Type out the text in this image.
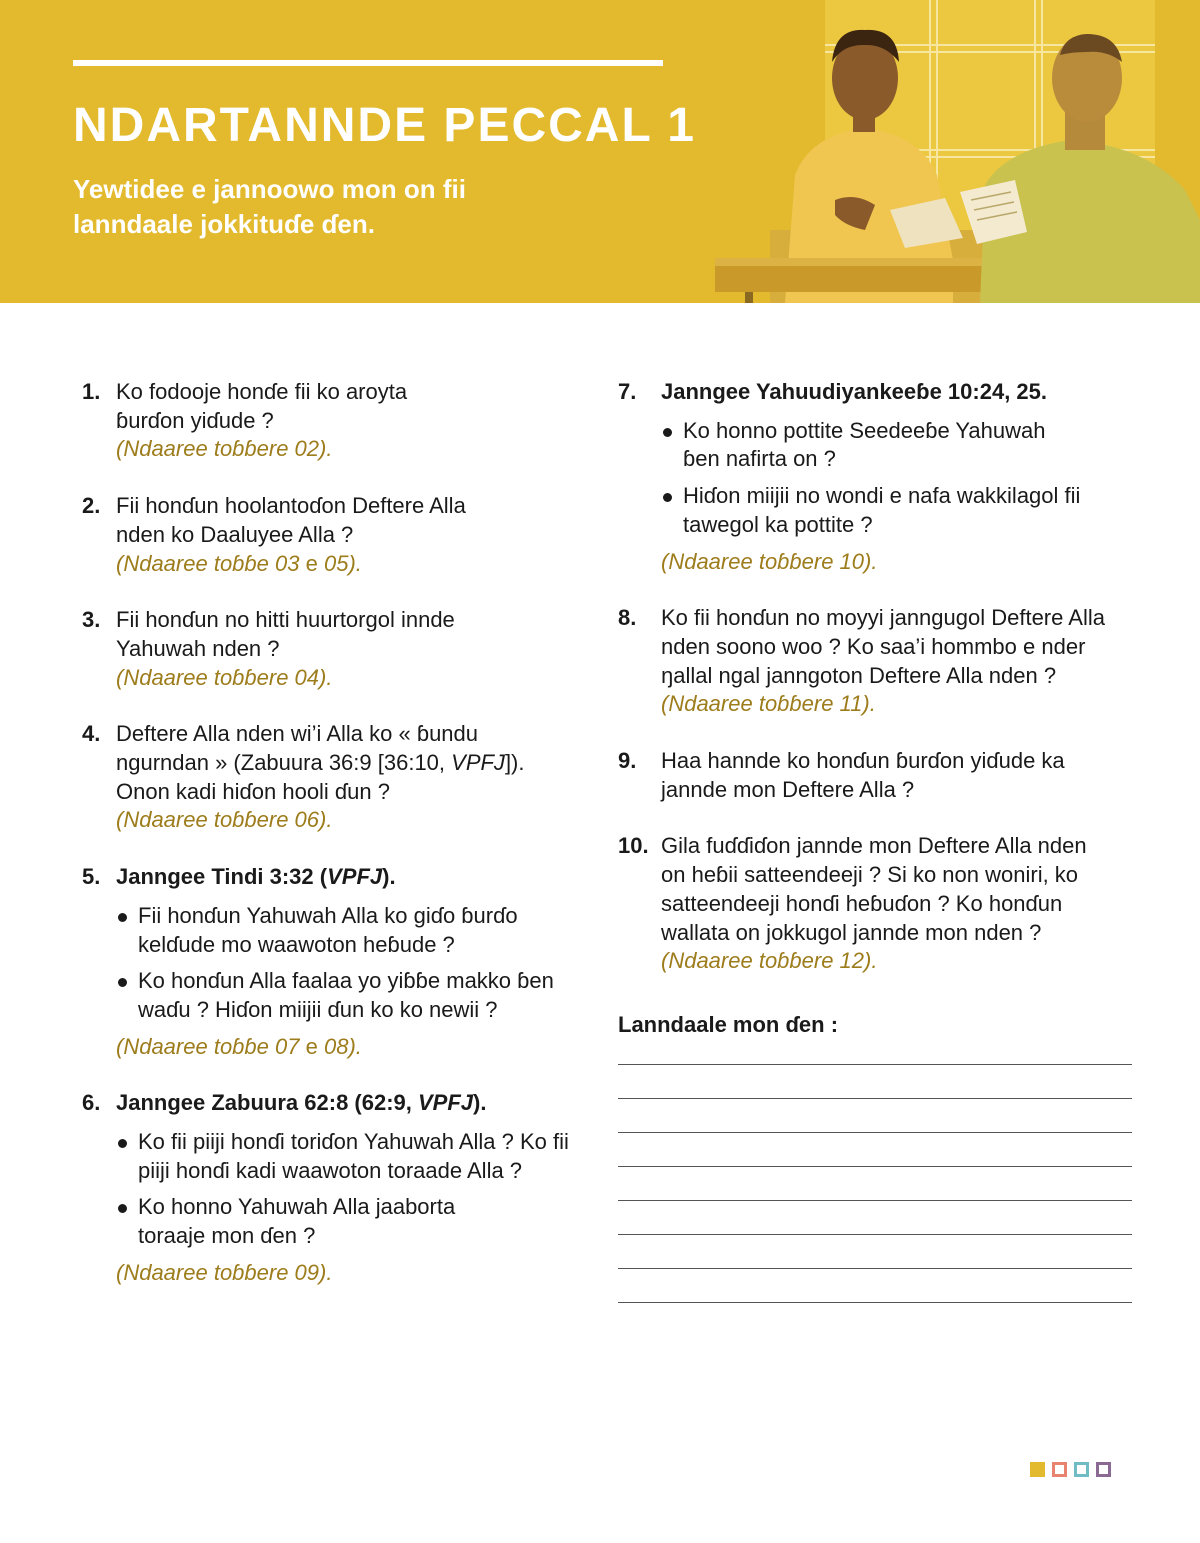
NDARTANNDE PECCAL 1

Yewtidee e jannoowo mon on fii lanndaale jokkituɗe ɗen.

1. Ko fodooje honɗe fii ko aroyta ɓurɗon yiɗude ?
(Ndaaree toɓɓere 02).
2. Fii honɗun hoolantoɗon Deftere Alla nden ko Daaluyee Alla ?
(Ndaaree toɓɓe 03 e 05).
3. Fii honɗun no hitti huurtorgol innde Yahuwah nden ?
(Ndaaree toɓɓere 04).
4. Deftere Alla nden wi’i Alla ko « ɓundu ngurndan » (Zabuura 36:9 [36:10, VPFJ]). Onon kadi hiɗon hooli ɗun ?
(Ndaaree toɓɓere 06).
5. Janngee Tindi 3:32 (VPFJ).
Fii honɗun Yahuwah Alla ko giɗo ɓurɗo kelɗude mo waawoton heɓude ?
Ko honɗun Alla faalaa yo yiɓɓe makko ɓen waɗu ? Hiɗon miijii ɗun ko ko newii ?
(Ndaaree toɓɓe 07 e 08).
6. Janngee Zabuura 62:8 (62:9, VPFJ).
Ko fii piiji honɗi toriɗon Yahuwah Alla ? Ko fii piiji honɗi kadi waawoton toraade Alla ?
Ko honno Yahuwah Alla jaaborta toraaje mon ɗen ?
(Ndaaree toɓɓere 09).
7. Janngee Yahuudiyankeeɓe 10:24, 25.
Ko honno pottite Seedeeɓe Yahuwah ɓen nafirta on ?
Hiɗon miijii no wondi e nafa wakkilagol fii tawegol ka pottite ?
(Ndaaree toɓɓere 10).
8. Ko fii honɗun no moyyi janngugol Deftere Alla nden soono woo ? Ko saa’i hommbo e nder ŋallal ngal janngoton Deftere Alla nden ?
(Ndaaree toɓɓere 11).
9. Haa hannde ko honɗun ɓurɗon yiɗude ka jannde mon Deftere Alla ?
10. Gila fuɗɗiɗon jannde mon Deftere Alla nden on heɓii satteendeeji ? Si ko non woniri, ko satteendeeji honɗi heɓuɗon ? Ko honɗun wallata on jokkugol jannde mon nden ?
(Ndaaree toɓɓere 12).

Lanndaale mon ɗen :
